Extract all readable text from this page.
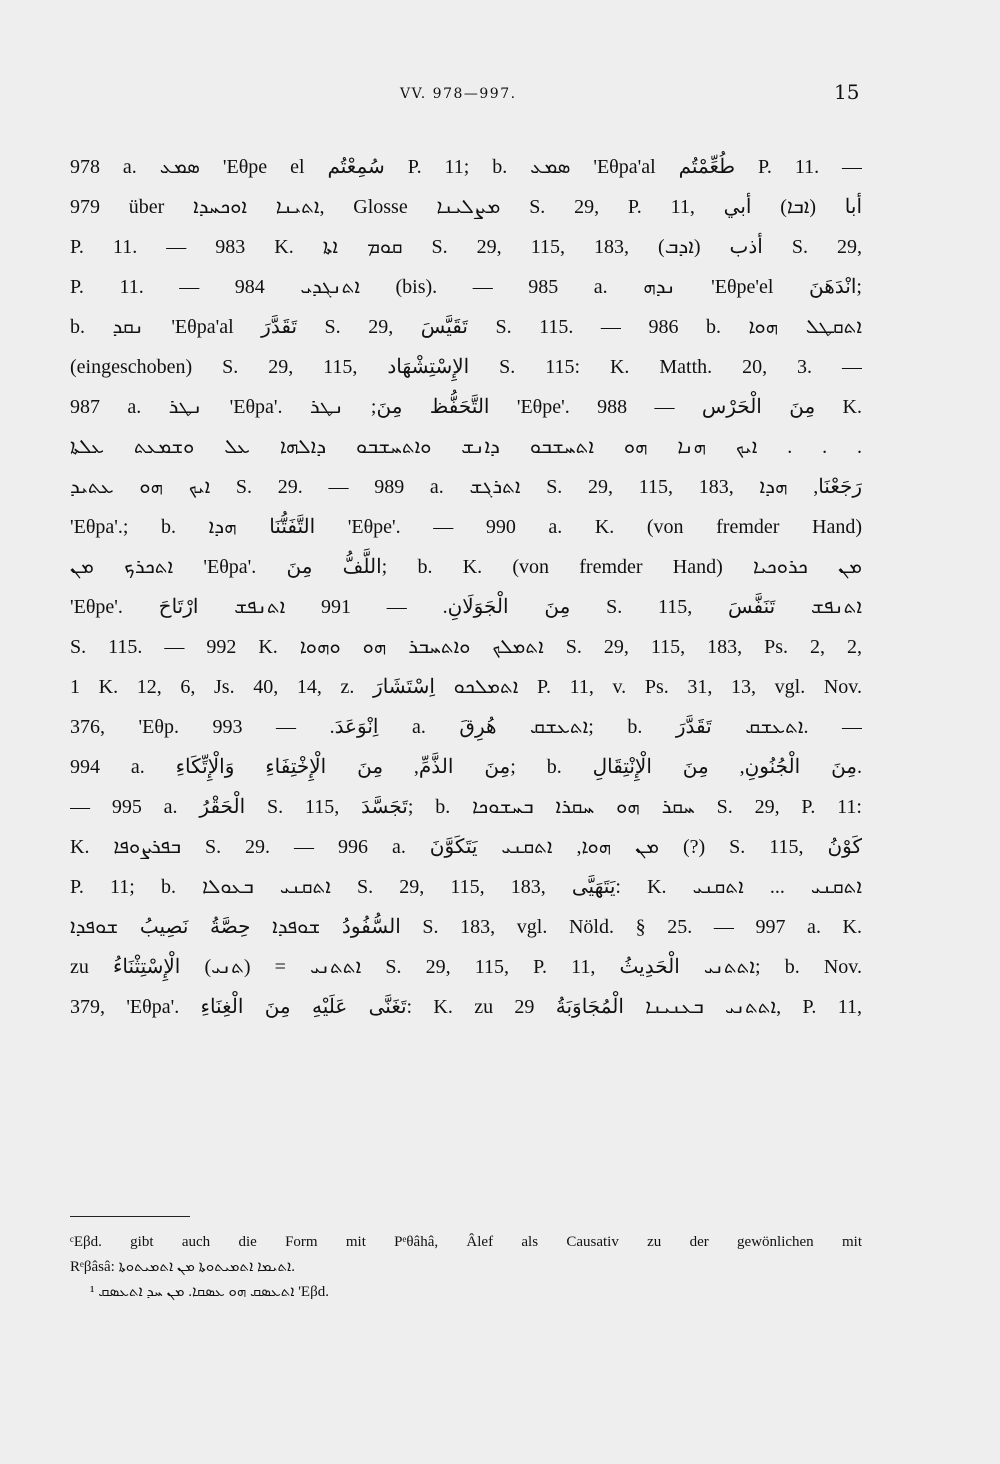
VV. 978—997.	15
978 a. ܣܡܥ 'Eθpe el سُمِعْتُم P. 11; b. ܣܡܥ 'Eθpa'al طُعِّمْتُم P. 11. —
979 über ܐܬܝܢܐ ܐܘܟܚܕܐ, Glosse ܡܨܠܝܢܐ S. 29, P. 11, أبا (ܐܒܐ) أبي
P. 11. — 983 K. ܩܘܡ ܐܬܐ S. 29, 115, 183, أذب (ܐܕܒ) S. 29,
P. 11. — 984 ܐܬܢܓܕܝ (bis). — 985 a. ܢܕܗ 'Eθpe'el انْدَهَنَ;
b. ܢܩܕ 'Eθpa'al تَقَدَّرَ S. 29, تَقَيَّسَ S. 115. — 986 b. ܐܬܩܛܠ ܗܘܐ
(eingeschoben) S. 29, 115, الإِسْتِشْهَاد S. 115: K. Matth. 20, 3. —
987 a. ܢܛܪ 'Eθpa'. التَّحَفُّظ مِنَ; ܢܛܪ 'Eθpe'. مِنَ الْحَرْس — 988 K.
ܐܝܟ ܗܢܐ ܗܘ ܐܬܚܫܒܘ ܕܐܢܫ ܘܐܬܚܫܒܘ ܕܐܠܗܐ ܥܠ ܘܫܡܥܬ ܥܠܬܐ . . .
ܐܝܟ ܗܘ ܥܬܝܕ S. 29. — 989 a. ܐܬܪܓܫ S. 29, 115, 183, رَجَعْنَا, ܗܕܐ
'Eθpa'.; b. التَّفَتُّنَا ܗܕܐ 'Eθpe'. — 990 a. K. (von fremder Hand)
ܐܬܟܪܟ ܡܢ 'Eθpa'. اللَّفُّ مِنَ; b. K. (von fremder Hand) ܡܢ ܟܪܘܟܝܐ
'Eθpe'. مِنَ الْجَوَلَانِ. — 991 ܐܬܢܦܫ ارْتَاحَ S. 115, ܐܬܢܦܫ تَنَفَّسَ
S. 115. — 992 K. ܐܬܡܠܟ ܘܐܬܚܒܪ ܗܘ ܘܗܘܐ S. 29, 115, 183, Ps. 2, 2,
1 K. 12, 6, Js. 40, 14, z. ܐܬܡܠܟܘ اِسْتَشَارَ P. 11, v. Ps. 31, 13, vgl. Nov.
376, 'Eθp. اِنْوَعَدَ. — 993 a. ܐܬܥܫܩ هُرِقَ; b. ܐܬܥܫܩ تَقَدَّرَ. —
994 a. مِنَ الذَّمِّ, مِنَ الْإِخْتِفَاءِ وَالْإِتِّكَاءِ; b. مِنَ الْجُنُونِ, مِنَ الْإِنْتِقَالِ.
— 995 a. الْحَقْرُ S. 115, تَجَسَّدَ; b. ܚܩܪ ܗܘ ܚܩܪܐ ܒܚܫܘܟܐ S. 29, P. 11:
K. ܒܦܪܨܘܦܐ S. 29. — 996 a. ܡܢ ܗܘܐ, ܐܬܩܢܝ يَتَكَوَّنَ (?) S. 115, كَوْنُ
P. 11; b. ܐܬܩܢܝ ܒܥܘܠܐ S. 29, 115, 183, يَتَهَيَّى: K. ܐܬܩܢܝ ... ܐܬܩܢܝ
السُّفُودُ ܫܘܦܕܐ حِصَّةُ نَصِيبُ ܫܘܦܕܐ S. 183, vgl. Nöld. § 25. — 997 a. K.
zu ܐܬܬܢܝ = (ܬܢܝ) الْإِسْتِثْنَاءُ S. 29, 115, P. 11, ܐܬܬܢܝ الْحَدِيثُ; b. Nov.
379, 'Eθpa'. تَغَنَّى عَلَيْهِ مِنَ الْغِنَاءِ: K. zu ܐܬܬܢܝ ܒܥܢܝܢܐ الْمُجَاوَبَةُ 29, P. 11,
ᶜEβd. gibt auch die Form mit Pᵉθâhâ, Âlef als Causativ zu der gewönlichen mit
Rᵉβâsâ: ܐܬܝܡܐ ܐܬܡܝܬܘܬܐ ܡܢ ܐܬܡܝܬܘܬܐ.
¹ ܐܬܥܣܩ ܗܘ ܥܣܩܐ. ܡܢ ܚܕ ܐܬܥܣܩ 'Eβd.
